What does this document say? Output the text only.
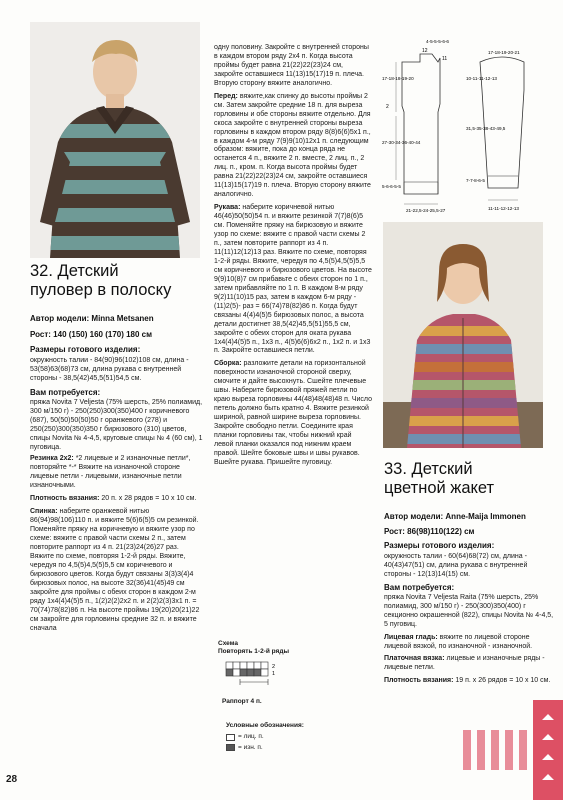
32. Детский
пуловер в полоску

Автор модели: Minna Metsanen

Рост: 140 (150) 160 (170) 180 см

Размеры готового изделия:

окружность талии - 84(90)96(102)108 см, длина - 53(58)63(68)73 см, длина рукава с внутренней стороны - 38,5(42)45,5(51)54,5 см.

Вам потребуется:

пряжа Novita 7 Veljesta (75% шерсть, 25% полиамид, 300 м/150 г) - 250(250)300(350)400 г коричневого (687), 50(50)50(50)50 г оранжевого (278) и 250(250)300(350)350 г бирюзового (310) цветов, спицы Novita № 4-4,5, круговые спицы № 4 (60 см), 1 пуговица.

Резинка 2x2: *2 лицевые и 2 изнаночные петли*, повторяйте *-* Вяжите на изнаночной стороне лицевые петли - лицевыми, изнаночные петли изнаночными.

Плотность вязания: 20 п. x 28 рядов = 10 x 10 см.

Спинка: наберите оранжевой нитью 86(94)98(106)110 п. и вяжите 5(6)6(5)5 см резинкой. Поменяйте пряжу на коричневую и вяжите узор по схеме: вяжите с правой части схемы 2 п., затем повторите раппорт из 4 п. 21(23)24(26)27 раз. Вяжите по схеме, повторяя 1-2-й ряды. Вяжите, чередуя по 4,5(5)4,5(5)5,5 см коричневого и бирюзового цветов. Когда будут связаны 3(3)3(4)4 бирюзовых полос, на высоте 32(36)41(45)49 см закройте для проймы с обеих сторон в каждом 2-м ряду 1x4(4)4(5)5 п., 1(2)2(2)2x2 п. и 2(2)2(3)3x1 п. = 70(74)78(82)86 п. На высоте проймы 19(20)20(21)22 см закройте для горловины средние 32 п. и вяжите сначала

одну половину. Закройте с внутренней стороны в каждом втором ряду 2x4 п. Когда высота проймы будет равна 21(22)22(23)24 см, закройте оставшиеся 11(13)15(17)19 п. плеча. Вторую сторону вяжите аналогично.

Перед: вяжите,как спинку до высоты проймы 2 см. Затем закройте средние 18 п. для выреза горловины и обе стороны вяжите отдельно. Для скоса закройте с внутренней стороны выреза горловины в каждом втором ряду 8(8)6(6)5x1 п., в каждом 4-м ряду 7(9)9(10)12x1 п. следующим образом: вяжите, пока до конца ряда не останется 4 п., вяжите 2 п. вместе, 2 лиц. п., 2 лиц. п., кром. п. Когда высота проймы будет равна 21(22)22(23)24 см, закройте оставшиеся 11(13)15(17)19 п. плеча. Вторую сторону вяжите аналогично.

Рукава: наберите коричневой нитью 46(46)50(50)54 п. и вяжите резинкой 7(7)8(6)5 см. Поменяйте пряжу на бирюзовую и вяжите узор по схеме: вяжите с правой части схемы 2 п., затем повторите раппорт из 4 п. 11(11)12(12)13 раз. Вяжите по схеме, повторяя 1-2-й ряды. Вяжите, чередуя по 4,5(5)4,5(5)5,5 см коричневого и бирюзового цветов. На высоте 9(9)10(8)7 см прибавьте с обеих сторон по 1 п., затем прибавляйте по 1 п. В каждом 8-м ряду 9(2)11(10)15 раз, затем в каждом 6-м ряду -(11)2(5)- раз = 66(74)78(82)86 п. Когда будут связаны 4(4)4(5)5 бирюзовых полос, а высота детали достигнет 38,5(42)45,5(51)55,5 см, закройте с обеих сторон для оката рукава 1x4(4)4(5)5 п., 1x3 п., 4(5)6(6)6x2 п., 1x2 п. и 1x3 п. Закройте оставшиеся петли.

Сборка: разложите детали на горизонтальной поверхности изнаночной стороной сверху, смочите и дайте высохнуть. Сшейте плечевые швы. Наберите бирюзовой пряжей петли по краю выреза горловины 44(48)48(48)48 п. Число петель должно быть кратно 4. Вяжите резинкой шириной, равной ширине выреза горловины. Закройте свободно петли. Соедините края планки горловины так, чтобы нижний край левой планки оказался под нижним краем правой. Шейте боковые швы и швы рукавов. Вшейте рукава. Пришейте пуговицу.

Схема
Повторять 1-2-й ряды
2
1
Раппорт 4 п.
Условные обозначения:
= лиц. п.
= изн. п.
12
11
4-5-5-5-6-6
17-18-18-19-20
2
27-30-34-36-40-44
5-6-6-5-5
21-22,5-24-25,5-27
17-18-19-20-21
10-11-11-12-13
31,5-35-38-43-49,5
7-7-8-6-5
11-11-12-12-13
33. Детский
цветной жакет

Автор модели: Anne-Maija Immonen

Рост: 86(98)110(122) см

Размеры готового изделия:

окружность талии - 60(64)68(72) см, длина - 40(43)47(51) см, длина рукава с внутренней стороны - 12(13)14(15) см.

Вам потребуется:

пряжа Novita 7 Veljesta Raita (75% шерсть, 25% полиамид, 300 м/150 г) - 250(300)350(400) г секционно окрашенной (822), спицы Novita № 4-4,5, 5 пуговиц.

Лицевая гладь: вяжите по лицевой стороне лицевой вязкой, по изнаночной - изнаночной.

Платочная вязка: лицевые и изнаночные ряды - лицевые петли.

Плотность вязания: 19 п. x 26 рядов = 10 x 10 см.

28
